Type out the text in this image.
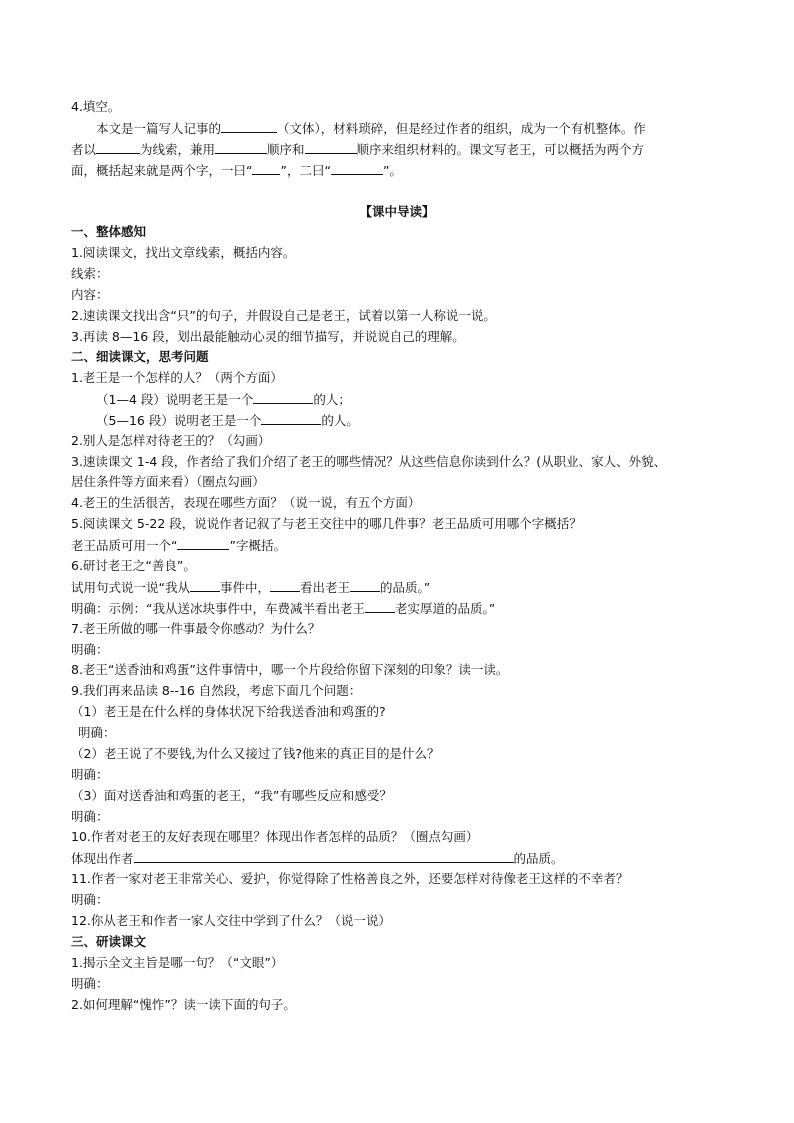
4.填空。
本文是一篇写人记事的	（文体），材料琐碎，但是经过作者的组织，成为一个有机整体。作
者以	为线索，兼用	顺序和	顺序来组织材料的。课文写老王，可以概括为两个方
面，概括起来就是两个字，一曰“ ”，二曰“	”。
【课中导读】
一、整体感知
1.阅读课文，找出文章线索，概括内容。
线索：
内容：
2.速读课文找出含“只”的句子，并假设自己是老王，试着以第一人称说一说。
3.再读 8—16 段，划出最能触动心灵的细节描写，并说说自己的理解。
二、细读课文，思考问题
1.老王是一个怎样的人？（两个方面）
（1—4 段）说明老王是一个	的人；
（5—16 段）说明老王是一个	的人。
2.别人是怎样对待老王的？（勾画）
3.速读课文 1-4 段，作者给了我们介绍了老王的哪些情况？从这些信息你读到什么？(从职业、家人、外貌、
居住条件等方面来看）（圈点勾画）
4.老王的生活很苦，表现在哪些方面？（说一说，有五个方面）
5.阅读课文 5-22 段，说说作者记叙了与老王交往中的哪几件事？老王品质可用哪个字概括？
老王品质可用一个“	”字概括。
6.研讨老王之“善良”。
试用句式说一说“我从 事件中， 看出老王 的品质。”
明确：示例：“我从送冰块事件中，车费减半看出老王 老实厚道的品质。”
7.老王所做的哪一件事最令你感动？为什么？
明确：
8.老王“送香油和鸡蛋”这件事情中，哪一个片段给你留下深刻的印象？读一读。
9.我们再来品读 8--16 自然段，考虑下面几个问题：
（1）老王是在什么样的身体状况下给我送香油和鸡蛋的?
明确：
（2）老王说了不要钱,为什么又接过了钱?他来的真正目的是什么？
明确：
（3）面对送香油和鸡蛋的老王，“我”有哪些反应和感受？
明确：
10.作者对老王的友好表现在哪里？体现出作者怎样的品质？（圈点勾画）
体现出作者	的品质。
11.作者一家对老王非常关心、爱护，你觉得除了性格善良之外，还要怎样对待像老王这样的不幸者？
明确：
12.你从老王和作者一家人交往中学到了什么？（说一说）
三、研读课文
1.揭示全文主旨是哪一句？（“文眼”）
明确：
2.如何理解“愧怍”？读一读下面的句子。
